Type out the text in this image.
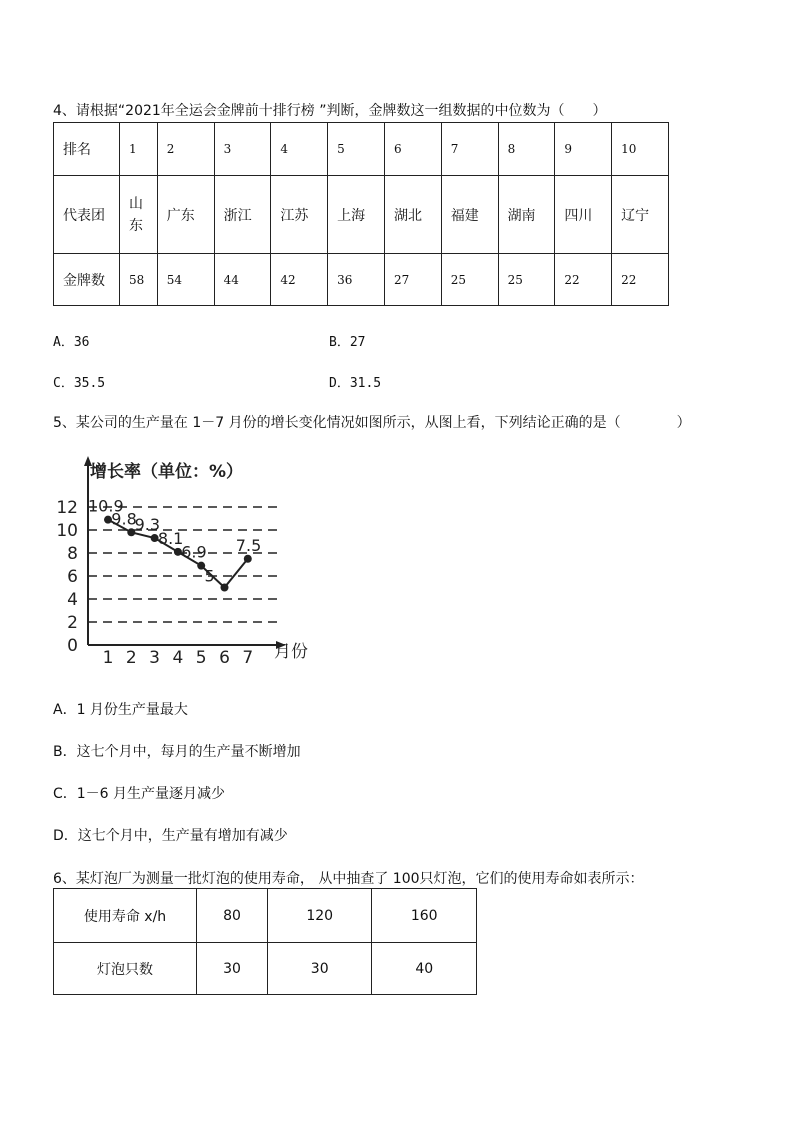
4、请根据“2021年全运会金牌前十排行榜 ”判断，金牌数这一组数据的中位数为（　　）
排名	1	2	3	4	5	6	7	8	9	10
代表团	山东	广东	浙江	江苏	上海	湖北	福建	湖南	四川	辽宁
金牌数	58	54	44	42	36	27	25	25	22	22
A．36	B．27
C．35.5	D．31.5
5、某公司的生产量在 1－7 月份的增长变化情况如图所示，从图上看，下列结论正确的是（　　　　）
增长率（单位：%）
月份
0
2
4
6
8
10
12
1 2 3 4 5 6 7
10.9
9.8
9.3
8.1
6.9
5
7.5
A．1 月份生产量最大
B．这七个月中，每月的生产量不断增加
C．1－6 月生产量逐月减少
D．这七个月中，生产量有增加有减少
6、某灯泡厂为测量一批灯泡的使用寿命， 从中抽查了 100只灯泡，它们的使用寿命如表所示：
使用寿命 x/h	80	120	160
灯泡只数	30	30	40
